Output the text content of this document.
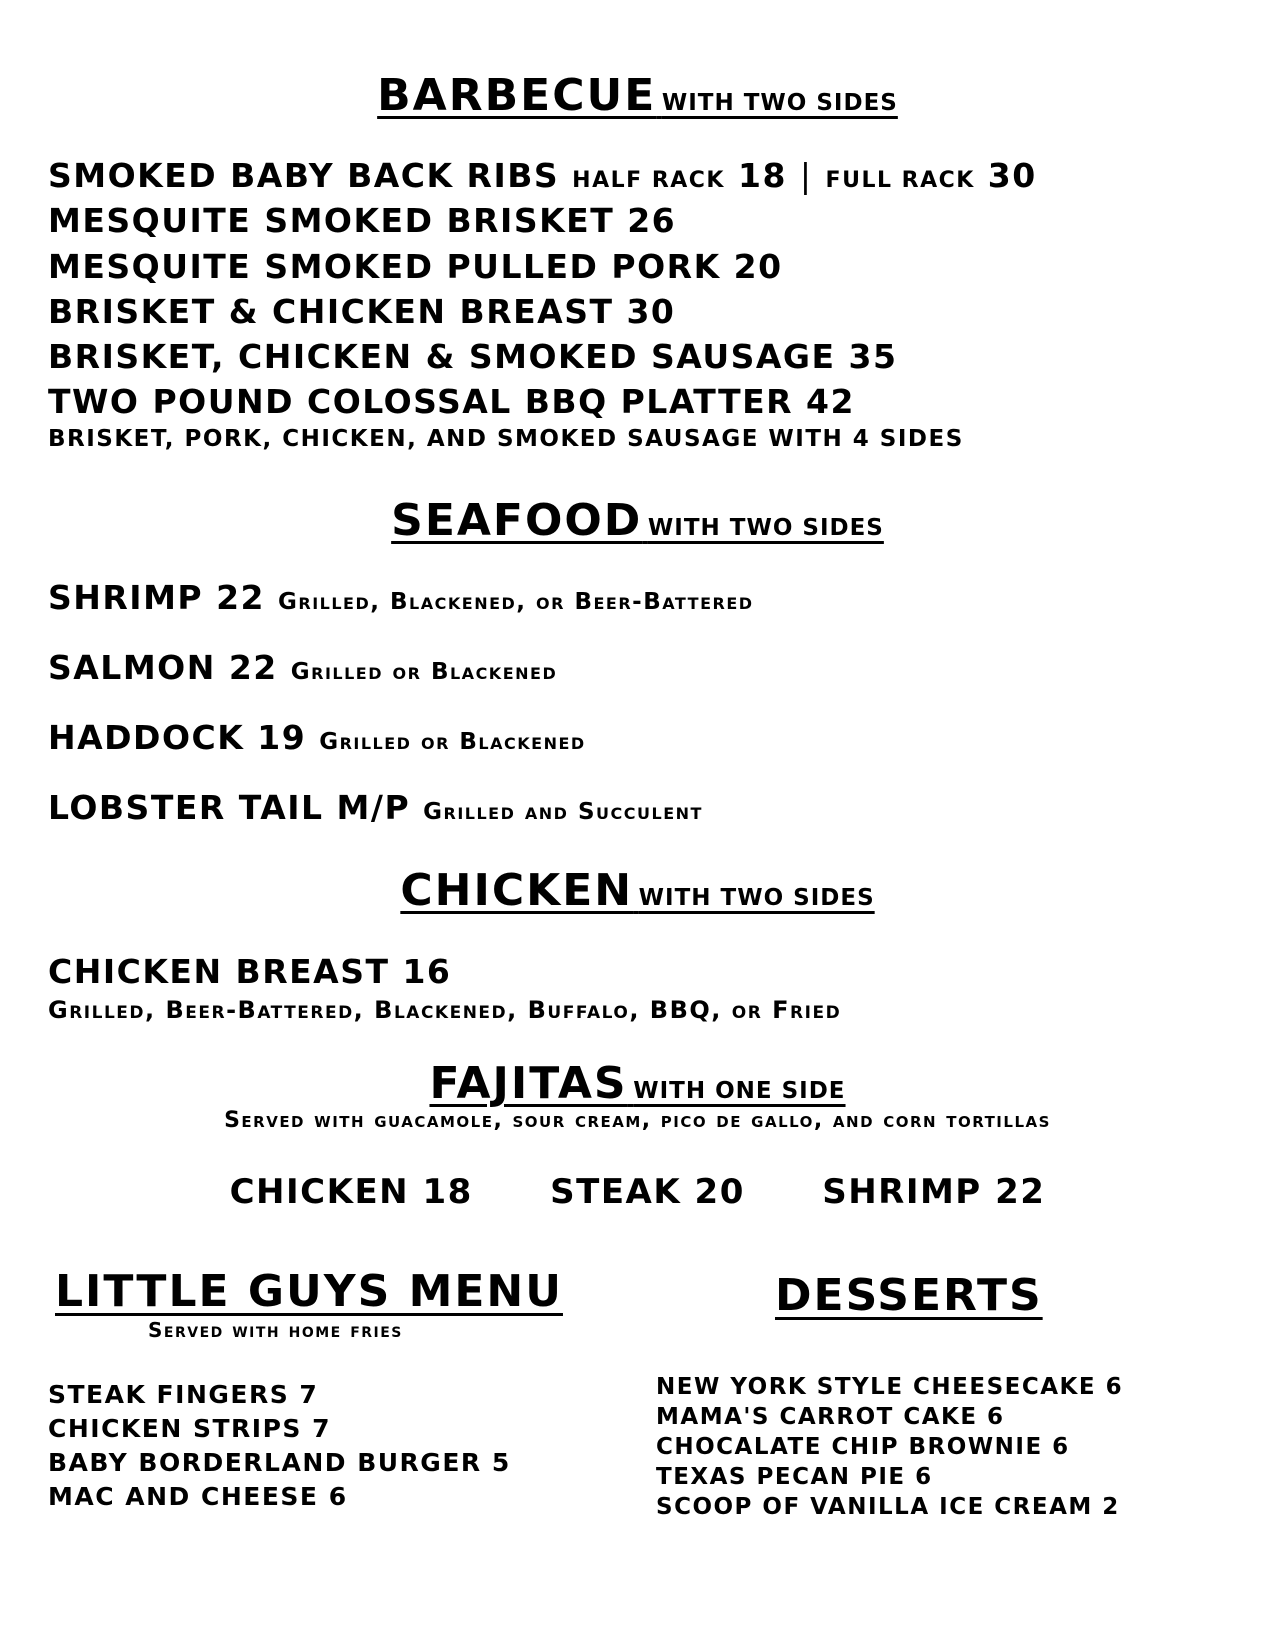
BARBECUE WITH TWO SIDES
SMOKED BABY BACK RIBS HALF RACK 18 | FULL RACK 30
MESQUITE SMOKED BRISKET 26
MESQUITE SMOKED PULLED PORK 20
BRISKET & CHICKEN BREAST 30
BRISKET, CHICKEN & SMOKED SAUSAGE 35
TWO POUND COLOSSAL BBQ PLATTER 42
BRISKET, PORK, CHICKEN, AND SMOKED SAUSAGE WITH 4 SIDES
SEAFOOD WITH TWO SIDES
SHRIMP 22 Grilled, Blackened, or Beer-Battered
SALMON 22 Grilled or Blackened
HADDOCK 19 Grilled or Blackened
LOBSTER TAIL M/P Grilled and Succulent
CHICKEN WITH TWO SIDES
CHICKEN BREAST 16
Grilled, Beer-Battered, Blackened, Buffalo, BBQ, or Fried
FAJITAS WITH ONE SIDE
Served with guacamole, sour cream, pico de gallo, and corn tortillas
CHICKEN 18 STEAK 20 SHRIMP 22
LITTLE GUYS MENU
Served with home fries
STEAK FINGERS 7
CHICKEN STRIPS 7
BABY BORDERLAND BURGER 5
MAC AND CHEESE 6
DESSERTS
NEW YORK STYLE CHEESECAKE 6
MAMA'S CARROT CAKE 6
CHOCALATE CHIP BROWNIE 6
TEXAS PECAN PIE 6
SCOOP OF VANILLA ICE CREAM 2
